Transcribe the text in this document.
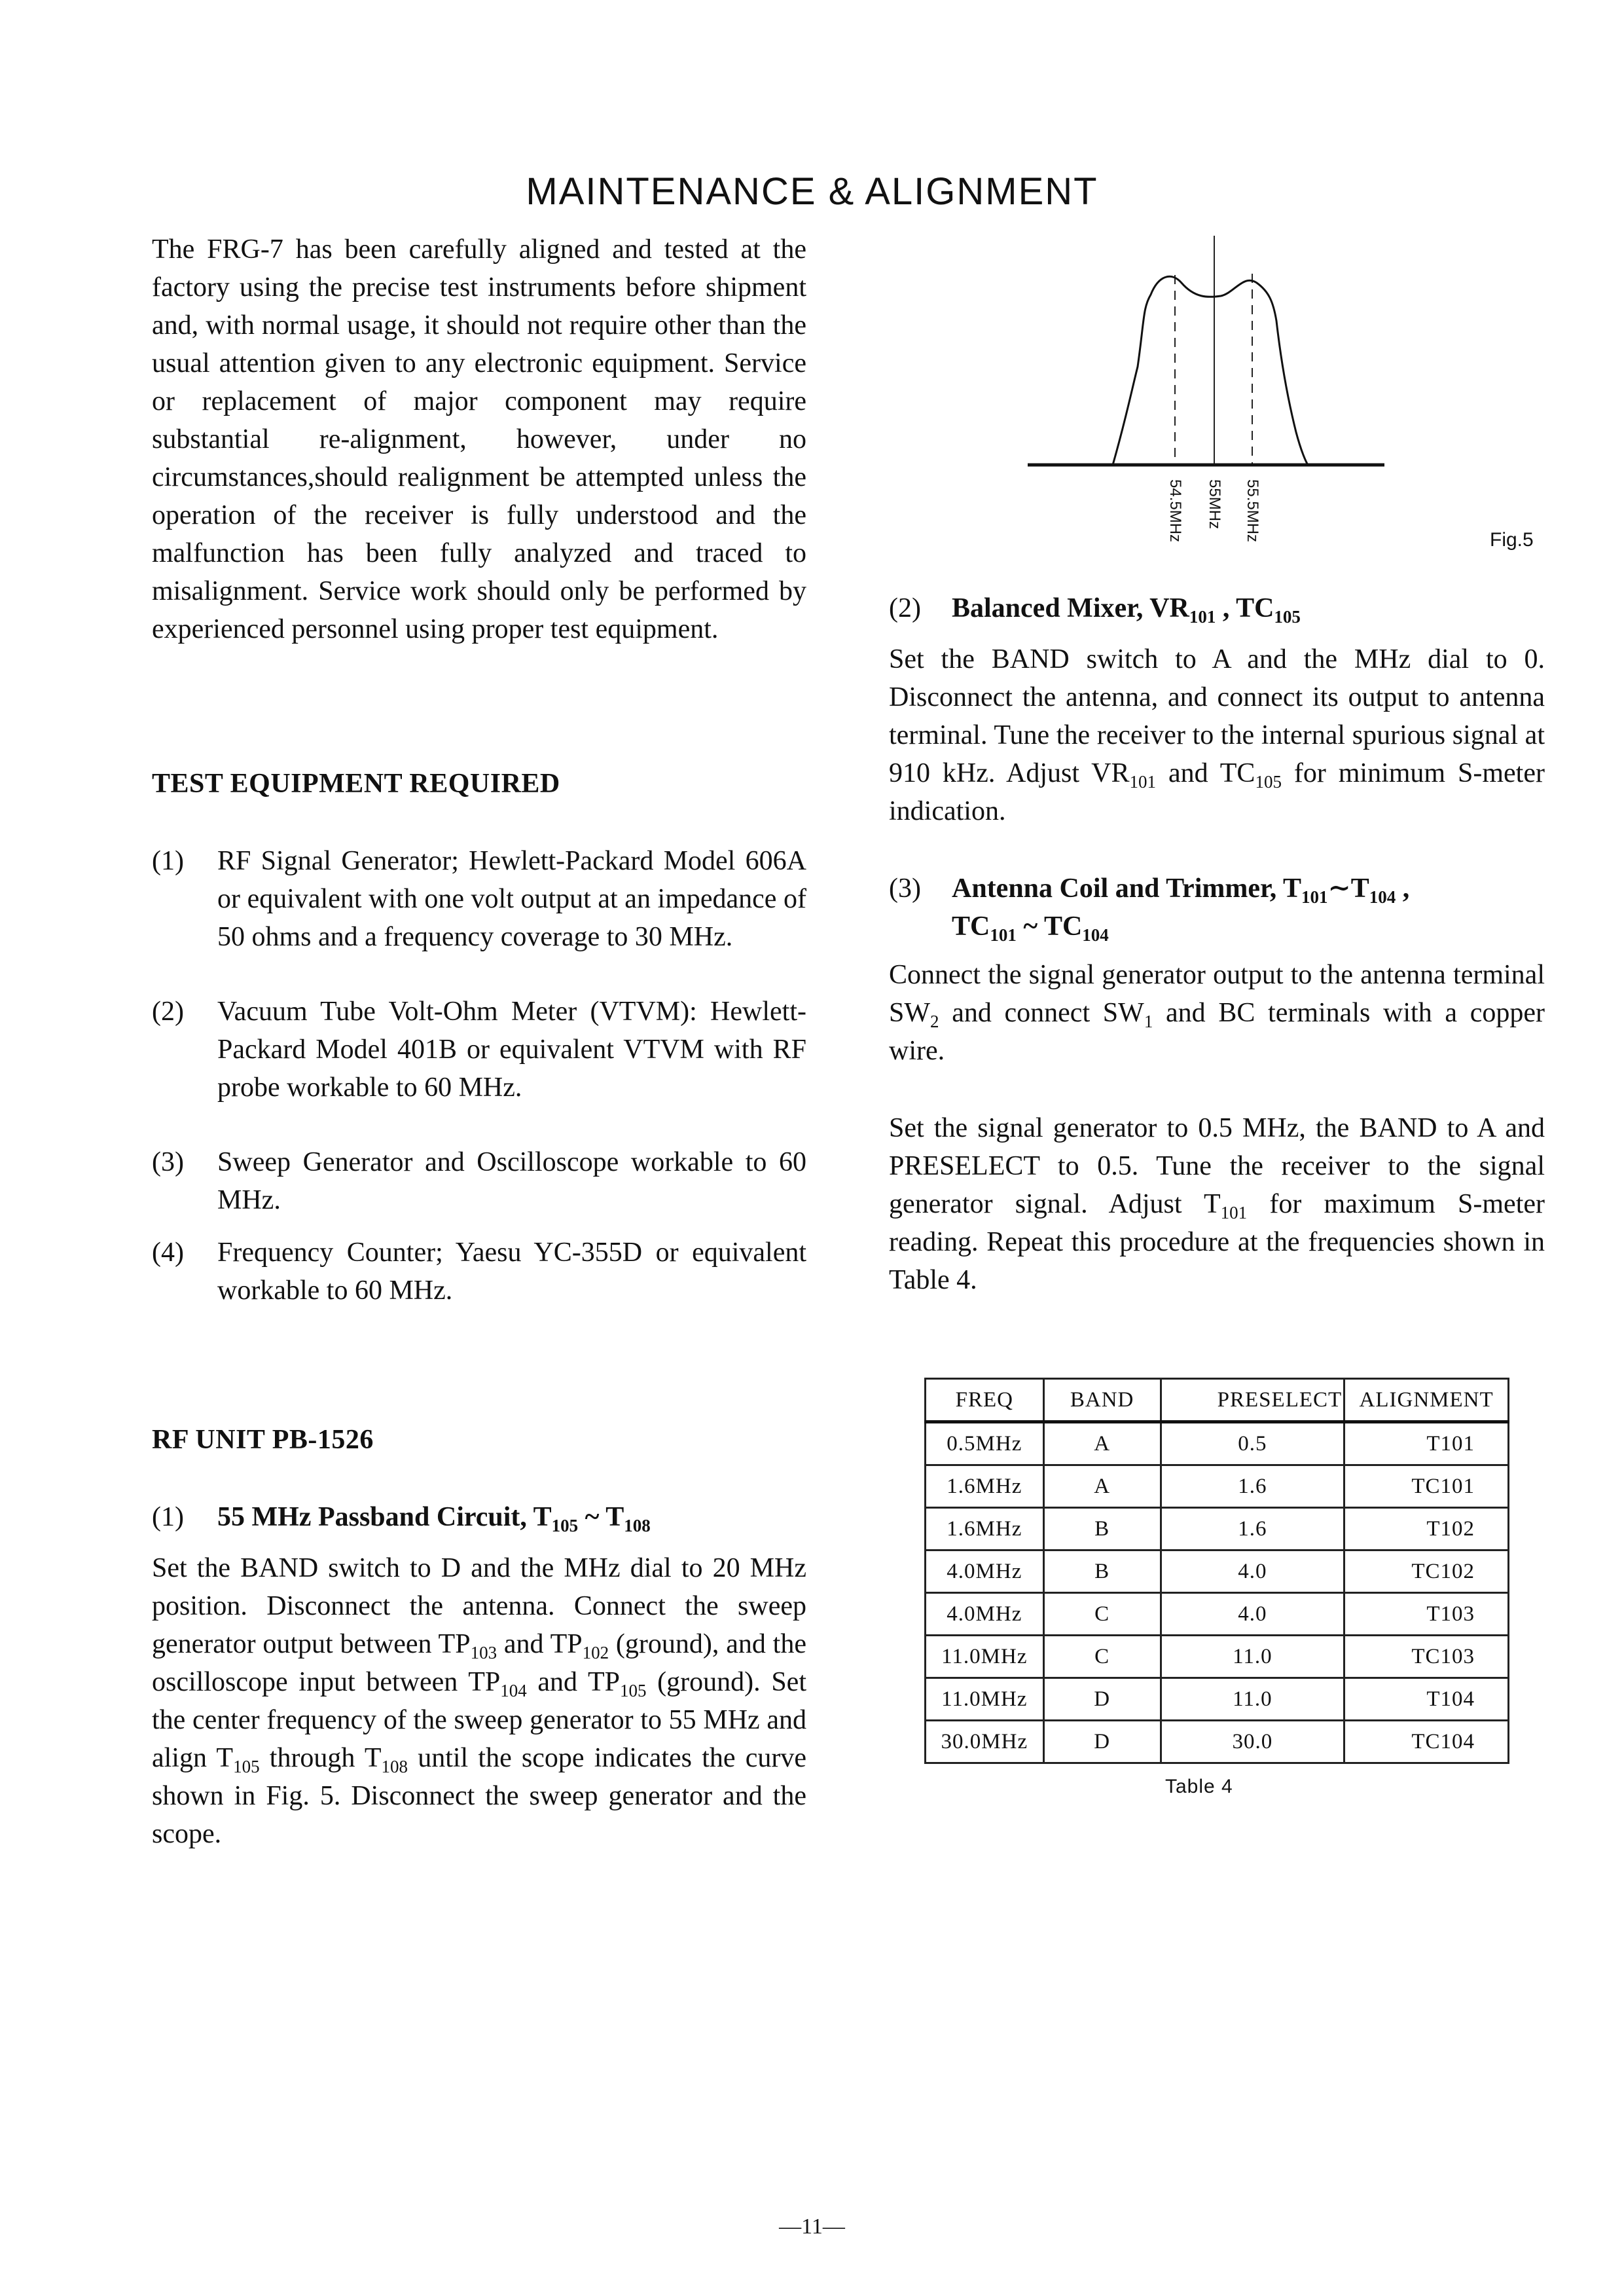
MAINTENANCE & ALIGNMENT

The FRG-7 has been carefully aligned and tested at the factory using the precise test instruments before shipment and, with normal usage, it should not require other than the usual attention given to any electronic equipment. Service or replacement of major component may require substantial re-alignment, however, under no circumstances,should realignment be attempted unless the operation of the receiver is fully understood and the malfunction has been fully analyzed and traced to misalignment. Service work should only be performed by experienced personnel using proper test equipment.

TEST EQUIPMENT REQUIRED
(1)	RF Signal Generator; Hewlett-Packard Model 606A or equivalent with one volt output at an impedance of 50 ohms and a frequency coverage to 30 MHz.
(2)	Vacuum Tube Volt-Ohm Meter (VTVM): Hewlett-Packard Model 401B or equivalent VTVM with RF probe workable to 60 MHz.
(3)	Sweep Generator and Oscilloscope workable to 60 MHz.
(4)	Frequency Counter; Yaesu YC-355D or equivalent workable to 60 MHz.
RF UNIT PB-1526
(1)	55 MHz Passband Circuit, $T_{105}$ ~ $T_{108}$

Set the BAND switch to D and the MHz dial to 20 MHz position. Disconnect the antenna. Connect the sweep generator output between $TP_{103}$ and $TP_{102}$ (ground), and the oscilloscope input between $TP_{104}$ and $TP_{105}$ (ground). Set the center frequency of the sweep generator to 55 MHz and align $T_{105}$ through $T_{108}$ until the scope indicates the curve shown in Fig. 5. Disconnect the sweep generator and the scope.

54.5MHz 55MHz 55.5MHz	Fig.5
(2)	Balanced Mixer, $VR_{101}$ , $TC_{105}$

Set the BAND switch to A and the MHz dial to 0. Disconnect the antenna, and connect its output to antenna terminal. Tune the receiver to the internal spurious signal at 910 kHz. Adjust $VR_{101}$ and $TC_{105}$ for minimum S-meter indication.

(3)	Antenna Coil and Trimmer, $T_{101}\sim T_{104}$ ,
$TC_{101}$ ~ $TC_{104}$

Connect the signal generator output to the antenna terminal $SW_2$ and connect $SW_1$ and BC terminals with a copper wire.

Set the signal generator to 0.5 MHz, the BAND to A and PRESELECT to 0.5. Tune the receiver to the signal generator signal. Adjust $T_{101}$ for maximum S-meter reading. Repeat this procedure at the frequencies shown in Table 4.

FREQ	BAND	PRESELECT	ALIGNMENT
0.5MHz	A	0.5	T101
1.6MHz	A	1.6	TC101
1.6MHz	B	1.6	T102
4.0MHz	B	4.0	TC102
4.0MHz	C	4.0	T103
11.0MHz	C	11.0	TC103
11.0MHz	D	11.0	T104
30.0MHz	D	30.0	TC104
Table 4
—11—
